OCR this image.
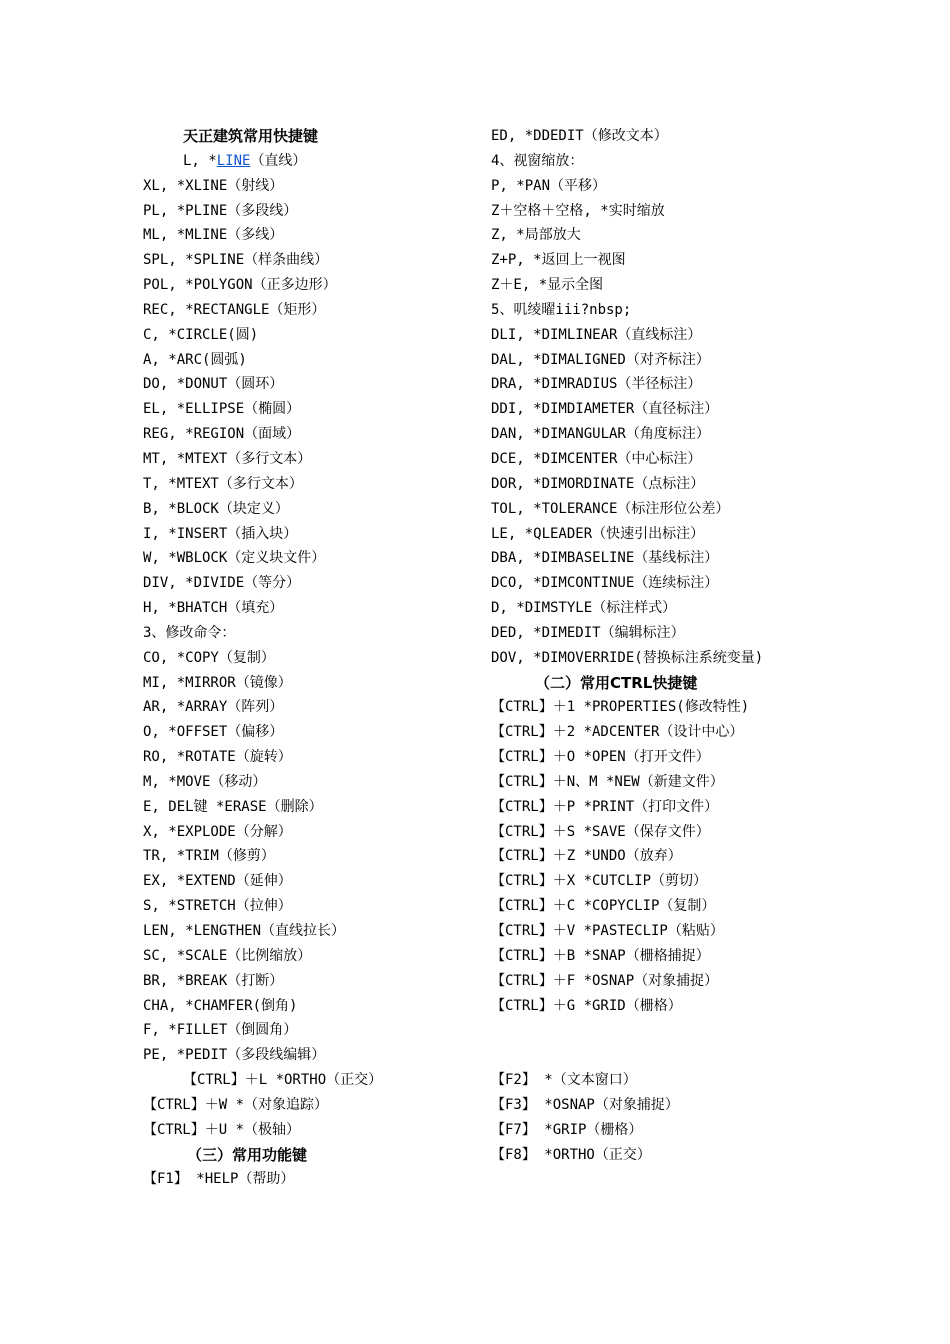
天正建筑常用快捷键
L, *LINE（直线）
XL, *XLINE（射线）
PL, *PLINE（多段线）
ML, *MLINE（多线）
SPL, *SPLINE（样条曲线）
POL, *POLYGON（正多边形）
REC, *RECTANGLE（矩形）
C, *CIRCLE(圆)
A, *ARC(圆弧)
DO, *DONUT（圆环）
EL, *ELLIPSE（椭圆）
REG, *REGION（面域）
MT, *MTEXT（多行文本）
T, *MTEXT（多行文本）
B, *BLOCK（块定义）
I, *INSERT（插入块）
W, *WBLOCK（定义块文件）
DIV, *DIVIDE（等分）
H, *BHATCH（填充）
3、修改命令：
CO, *COPY（复制）
MI, *MIRROR（镜像）
AR, *ARRAY（阵列）
O, *OFFSET（偏移）
RO, *ROTATE（旋转）
M, *MOVE（移动）
E, DEL键 *ERASE（删除）
X, *EXPLODE（分解）
TR, *TRIM（修剪）
EX, *EXTEND（延伸）
S, *STRETCH（拉伸）
LEN, *LENGTHEN（直线拉长）
SC, *SCALE（比例缩放）
BR, *BREAK（打断）
CHA, *CHAMFER(倒角)
F, *FILLET（倒圆角）
PE, *PEDIT（多段线编辑）
【CTRL】＋L *ORTHO（正交）
【CTRL】＋W *（对象追踪）
【CTRL】＋U *（极轴）
（三）常用功能键
【F1】 *HELP（帮助）
ED, *DDEDIT（修改文本）
4、视窗缩放：
P, *PAN（平移）
Z＋空格＋空格, *实时缩放
Z, *局部放大
Z+P, *返回上一视图
Z＋E, *显示全图
5、叽绫曜iii?nbsp;
DLI, *DIMLINEAR（直线标注）
DAL, *DIMALIGNED（对齐标注）
DRA, *DIMRADIUS（半径标注）
DDI, *DIMDIAMETER（直径标注）
DAN, *DIMANGULAR（角度标注）
DCE, *DIMCENTER（中心标注）
DOR, *DIMORDINATE（点标注）
TOL, *TOLERANCE（标注形位公差）
LE, *QLEADER（快速引出标注）
DBA, *DIMBASELINE（基线标注）
DCO, *DIMCONTINUE（连续标注）
D, *DIMSTYLE（标注样式）
DED, *DIMEDIT（编辑标注）
DOV, *DIMOVERRIDE(替换标注系统变量)
（二）常用CTRL快捷键
【CTRL】＋1 *PROPERTIES(修改特性)
【CTRL】＋2 *ADCENTER（设计中心）
【CTRL】＋O *OPEN（打开文件）
【CTRL】＋N、M *NEW（新建文件）
【CTRL】＋P *PRINT（打印文件）
【CTRL】＋S *SAVE（保存文件）
【CTRL】＋Z *UNDO（放弃）
【CTRL】＋X *CUTCLIP（剪切）
【CTRL】＋C *COPYCLIP（复制）
【CTRL】＋V *PASTECLIP（粘贴）
【CTRL】＋B *SNAP（栅格捕捉）
【CTRL】＋F *OSNAP（对象捕捉）
【CTRL】＋G *GRID（栅格）
【F2】 *（文本窗口）
【F3】 *OSNAP（对象捕捉）
【F7】 *GRIP（栅格）
【F8】 *ORTHO（正交）
